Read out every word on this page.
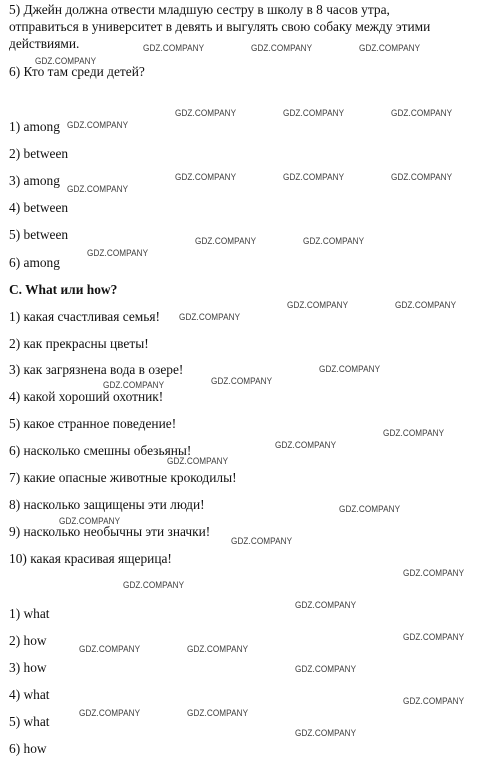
5) Джейн должна отвести младшую сестру в школу в 8 часов утра,
отправиться в университет в девять и выгулять свою собаку между этими
действиями.
6) Кто там среди детей?
1) among
2) between
3) among
4) between
5) between
6) among
C. What или how?
1) какая счастливая семья!
2) как прекрасны цветы!
3) как загрязнена вода в озере!
4) какой хороший охотник!
5) какое странное поведение!
6) насколько смешны обезьяны!
7) какие опасные животные крокодилы!
8) насколько защищены эти люди!
9) насколько необычны эти значки!
10) какая красивая ящерица!
1) what
2) how
3) how
4) what
5) what
6) how
GDZ.COMPANY	GDZ.COMPANY	GDZ.COMPANY
GDZ.COMPANY
GDZ.COMPANY	GDZ.COMPANY	GDZ.COMPANY
GDZ.COMPANY
GDZ.COMPANY	GDZ.COMPANY	GDZ.COMPANY
GDZ.COMPANY
GDZ.COMPANY	GDZ.COMPANY
GDZ.COMPANY
GDZ.COMPANY	GDZ.COMPANY
GDZ.COMPANY
GDZ.COMPANY
GDZ.COMPANY
GDZ.COMPANY
GDZ.COMPANY
GDZ.COMPANY
GDZ.COMPANY
GDZ.COMPANY
GDZ.COMPANY
GDZ.COMPANY
GDZ.COMPANY
GDZ.COMPANY
GDZ.COMPANY
GDZ.COMPANY
GDZ.COMPANY	GDZ.COMPANY
GDZ.COMPANY
GDZ.COMPANY
GDZ.COMPANY	GDZ.COMPANY
GDZ.COMPANY
